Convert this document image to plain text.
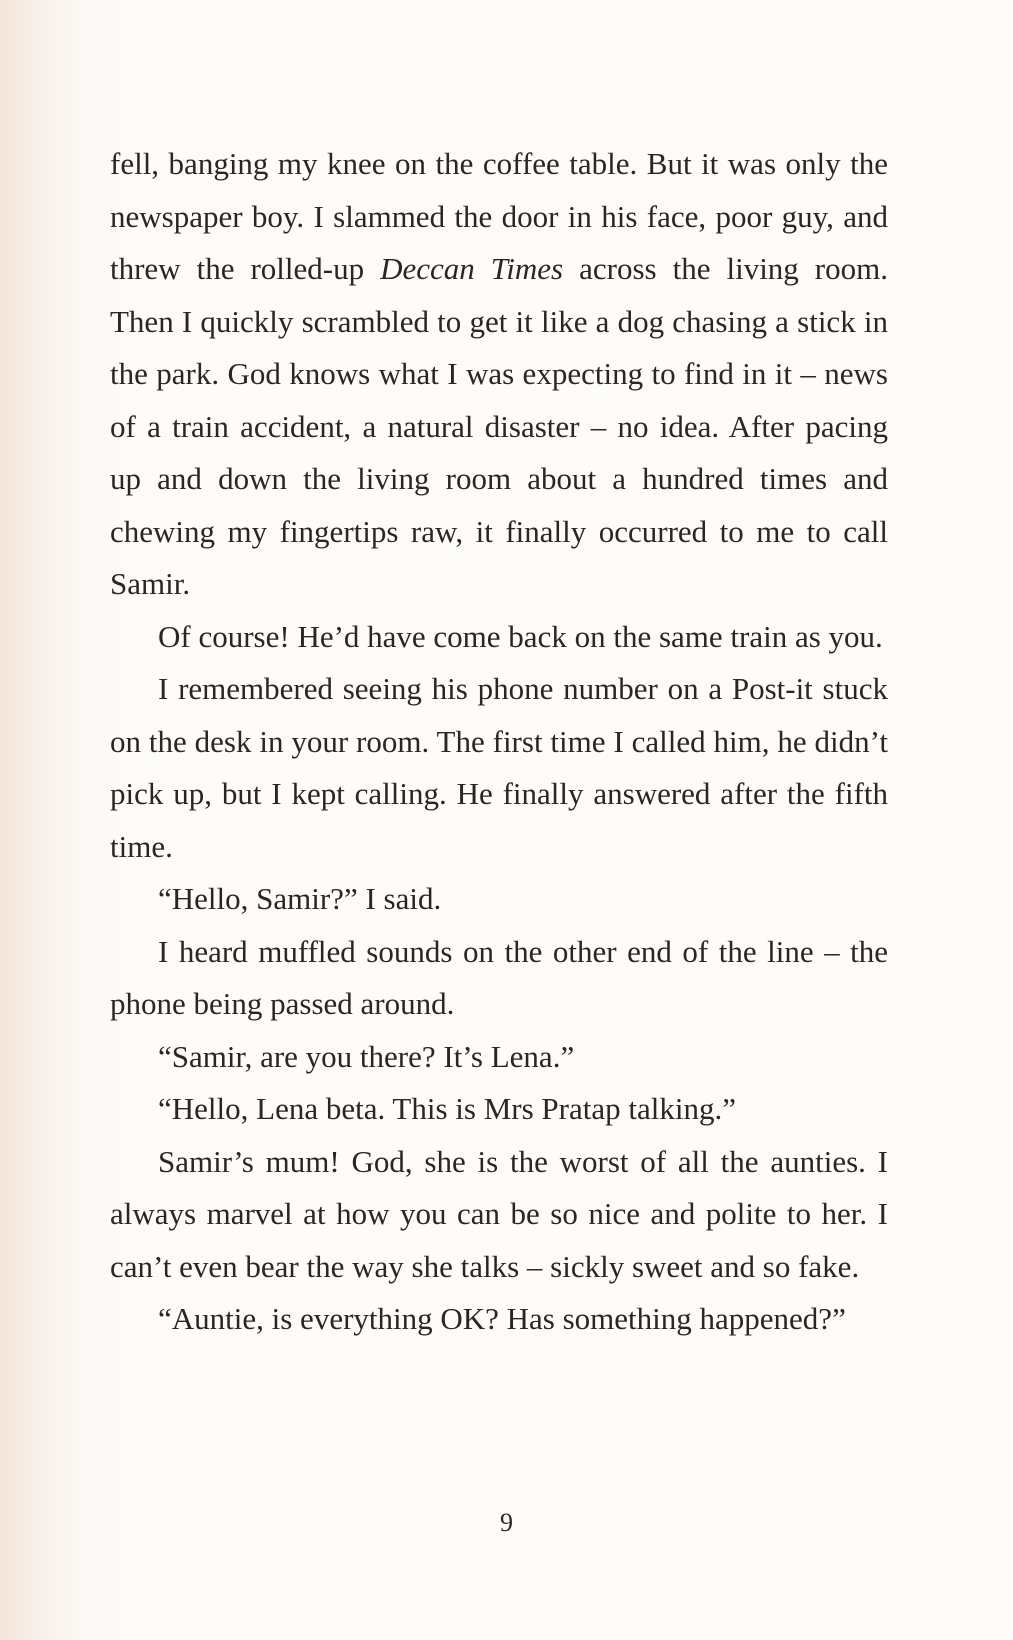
fell, banging my knee on the coffee table. But it was only the newspaper boy. I slammed the door in his face, poor guy, and threw the rolled-up Deccan Times across the living room. Then I quickly scrambled to get it like a dog chasing a stick in the park. God knows what I was expecting to find in it – news of a train accident, a natural disaster – no idea. After pacing up and down the living room about a hundred times and chewing my fingertips raw, it finally occurred to me to call Samir.

Of course! He’d have come back on the same train as you.

I remembered seeing his phone number on a Post-it stuck on the desk in your room. The first time I called him, he didn’t pick up, but I kept calling. He finally answered after the fifth time.

“Hello, Samir?” I said.

I heard muffled sounds on the other end of the line – the phone being passed around.

“Samir, are you there? It’s Lena.”

“Hello, Lena beta. This is Mrs Pratap talking.”

Samir’s mum! God, she is the worst of all the aunties. I always marvel at how you can be so nice and polite to her. I can’t even bear the way she talks – sickly sweet and so fake.

“Auntie, is everything OK? Has something happened?”

9
